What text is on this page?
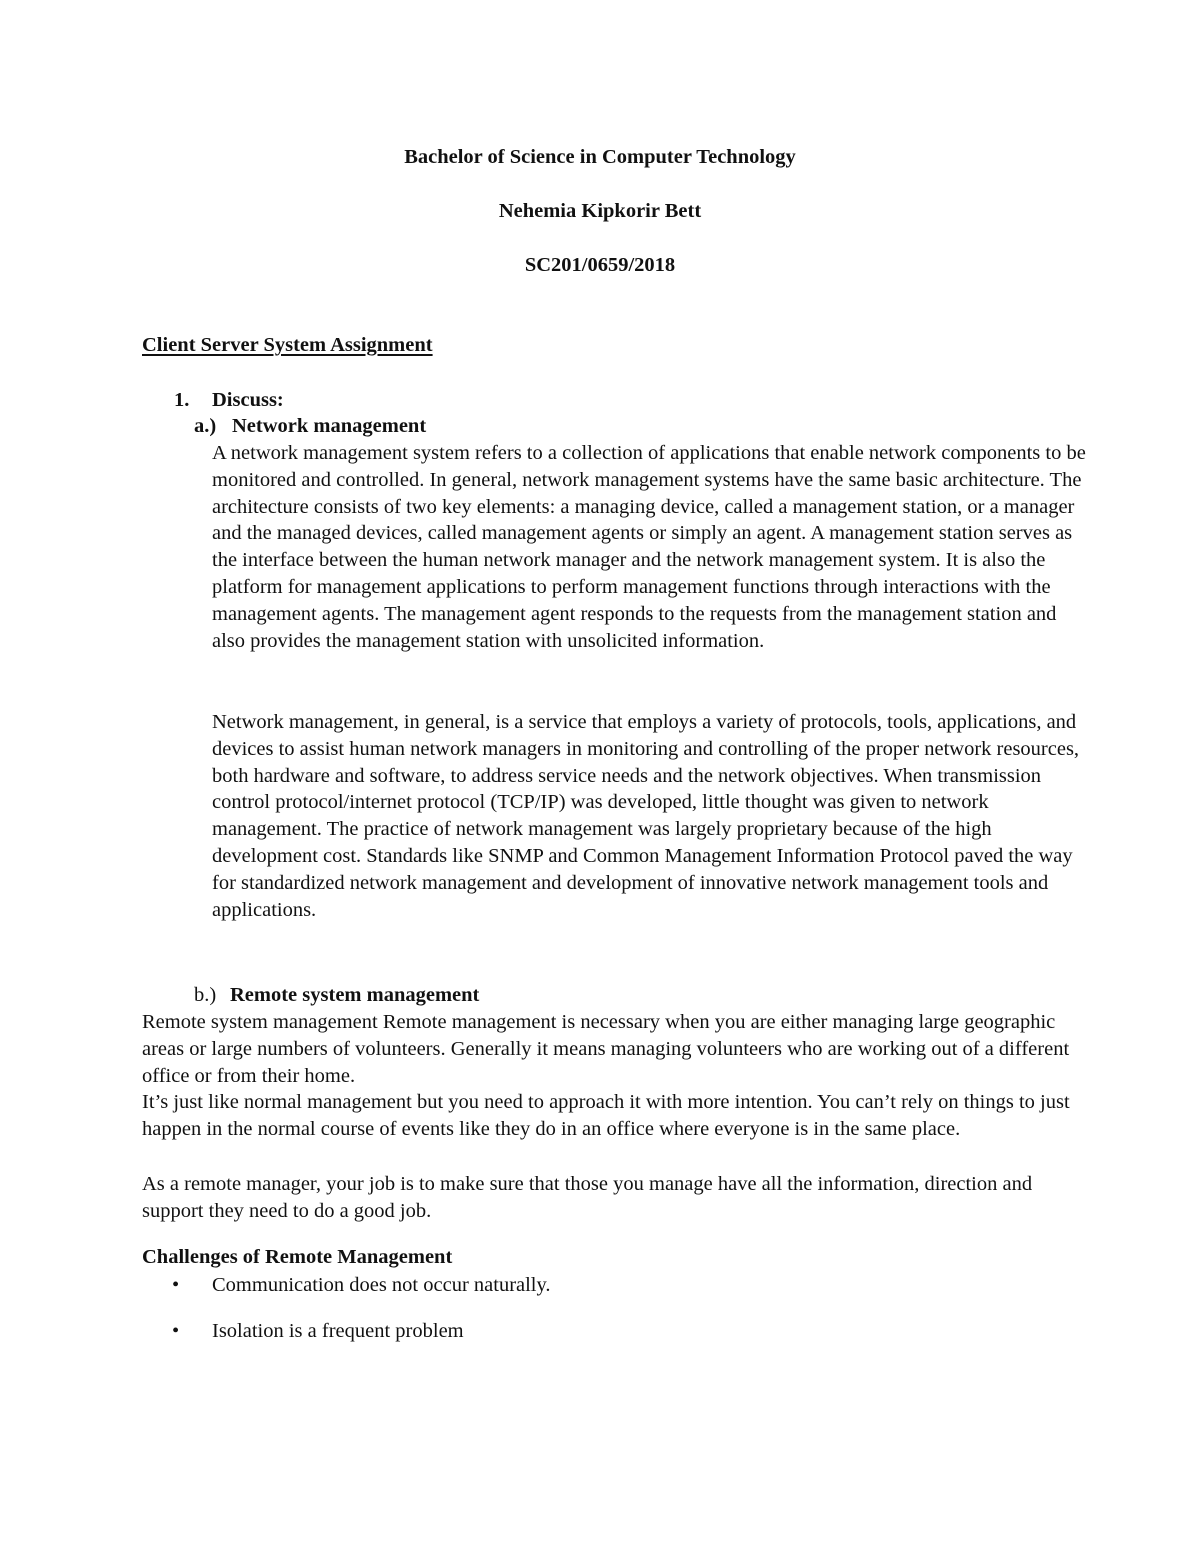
Bachelor of Science in Computer Technology
Nehemia Kipkorir Bett
SC201/0659/2018
Client Server System Assignment
1. Discuss:
a.) Network management

A network management system refers to a collection of applications that enable network components to be monitored and controlled. In general, network management systems have the same basic architecture. The architecture consists of two key elements: a managing device, called a management station, or a manager and the managed devices, called management agents or simply an agent. A management station serves as the interface between the human network manager and the network management system. It is also the platform for management applications to perform management functions through interactions with the management agents. The management agent responds to the requests from the management station and also provides the management station with unsolicited information.

Network management, in general, is a service that employs a variety of protocols, tools, applications, and devices to assist human network managers in monitoring and controlling of the proper network resources, both hardware and software, to address service needs and the network objectives. When transmission control protocol/internet protocol (TCP/IP) was developed, little thought was given to network management. The practice of network management was largely proprietary because of the high development cost. Standards like SNMP and Common Management Information Protocol paved the way for standardized network management and development of innovative network management tools and applications.

b.) Remote system management

Remote system management Remote management is necessary when you are either managing large geographic areas or large numbers of volunteers. Generally it means managing volunteers who are working out of a different office or from their home.

It’s just like normal management but you need to approach it with more intention. You can’t rely on things to just happen in the normal course of events like they do in an office where everyone is in the same place.

As a remote manager, your job is to make sure that those you manage have all the information, direction and support they need to do a good job.

Challenges of Remote Management
• Communication does not occur naturally.
• Isolation is a frequent problem
